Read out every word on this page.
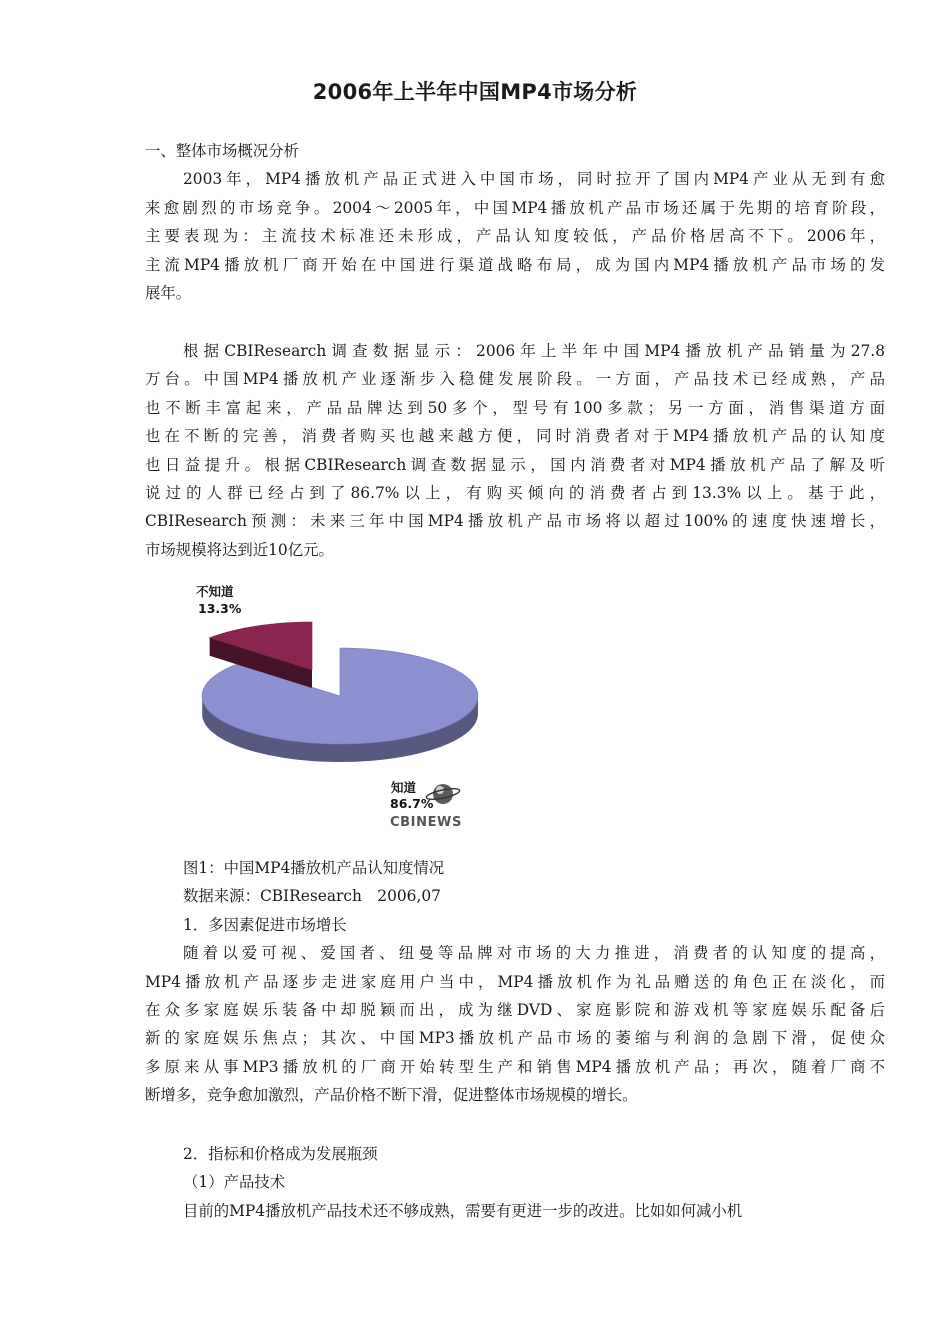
2006年上半年中国MP4市场分析
一、整体市场概况分析
2003年，MP4播放机产品正式进入中国市场，同时拉开了国内MP4产业从无到有愈
来愈剧烈的市场竞争。2004～2005年，中国MP4播放机产品市场还属于先期的培育阶段，
主要表现为：主流技术标准还未形成，产品认知度较低，产品价格居高不下。2006年，
主流MP4播放机厂商开始在中国进行渠道战略布局，成为国内MP4播放机产品市场的发
展年。
根据CBIResearch调查数据显示：2006年上半年中国MP4播放机产品销量为27.8
万台。中国MP4播放机产业逐渐步入稳健发展阶段。一方面，产品技术已经成熟，产品
也不断丰富起来，产品品牌达到50多个，型号有100多款；另一方面，消售渠道方面
也在不断的完善，消费者购买也越来越方便，同时消费者对于MP4播放机产品的认知度
也日益提升。根据CBIResearch调查数据显示，国内消费者对MP4播放机产品了解及听
说过的人群已经占到了86.7%以上，有购买倾向的消费者占到13.3%以上。基于此，
CBIResearch预测：未来三年中国MP4播放机产品市场将以超过100%的速度快速增长，
市场规模将达到近10亿元。
不知道
13.3%
知道
86.7%
CBINEWS
图1：中国MP4播放机产品认知度情况
数据来源：CBIResearch　2006,07
1．多因素促进市场增长
随着以爱可视、爱国者、纽曼等品牌对市场的大力推进，消费者的认知度的提高，
MP4播放机产品逐步走进家庭用户当中，MP4播放机作为礼品赠送的角色正在淡化，而
在众多家庭娱乐装备中却脱颖而出，成为继DVD、家庭影院和游戏机等家庭娱乐配备后
新的家庭娱乐焦点；其次、中国MP3播放机产品市场的萎缩与利润的急剧下滑，促使众
多原来从事MP3播放机的厂商开始转型生产和销售MP4播放机产品；再次，随着厂商不
断增多，竞争愈加激烈，产品价格不断下滑，促进整体市场规模的增长。
2．指标和价格成为发展瓶颈
（1）产品技术
目前的MP4播放机产品技术还不够成熟，需要有更进一步的改进。比如如何减小机
